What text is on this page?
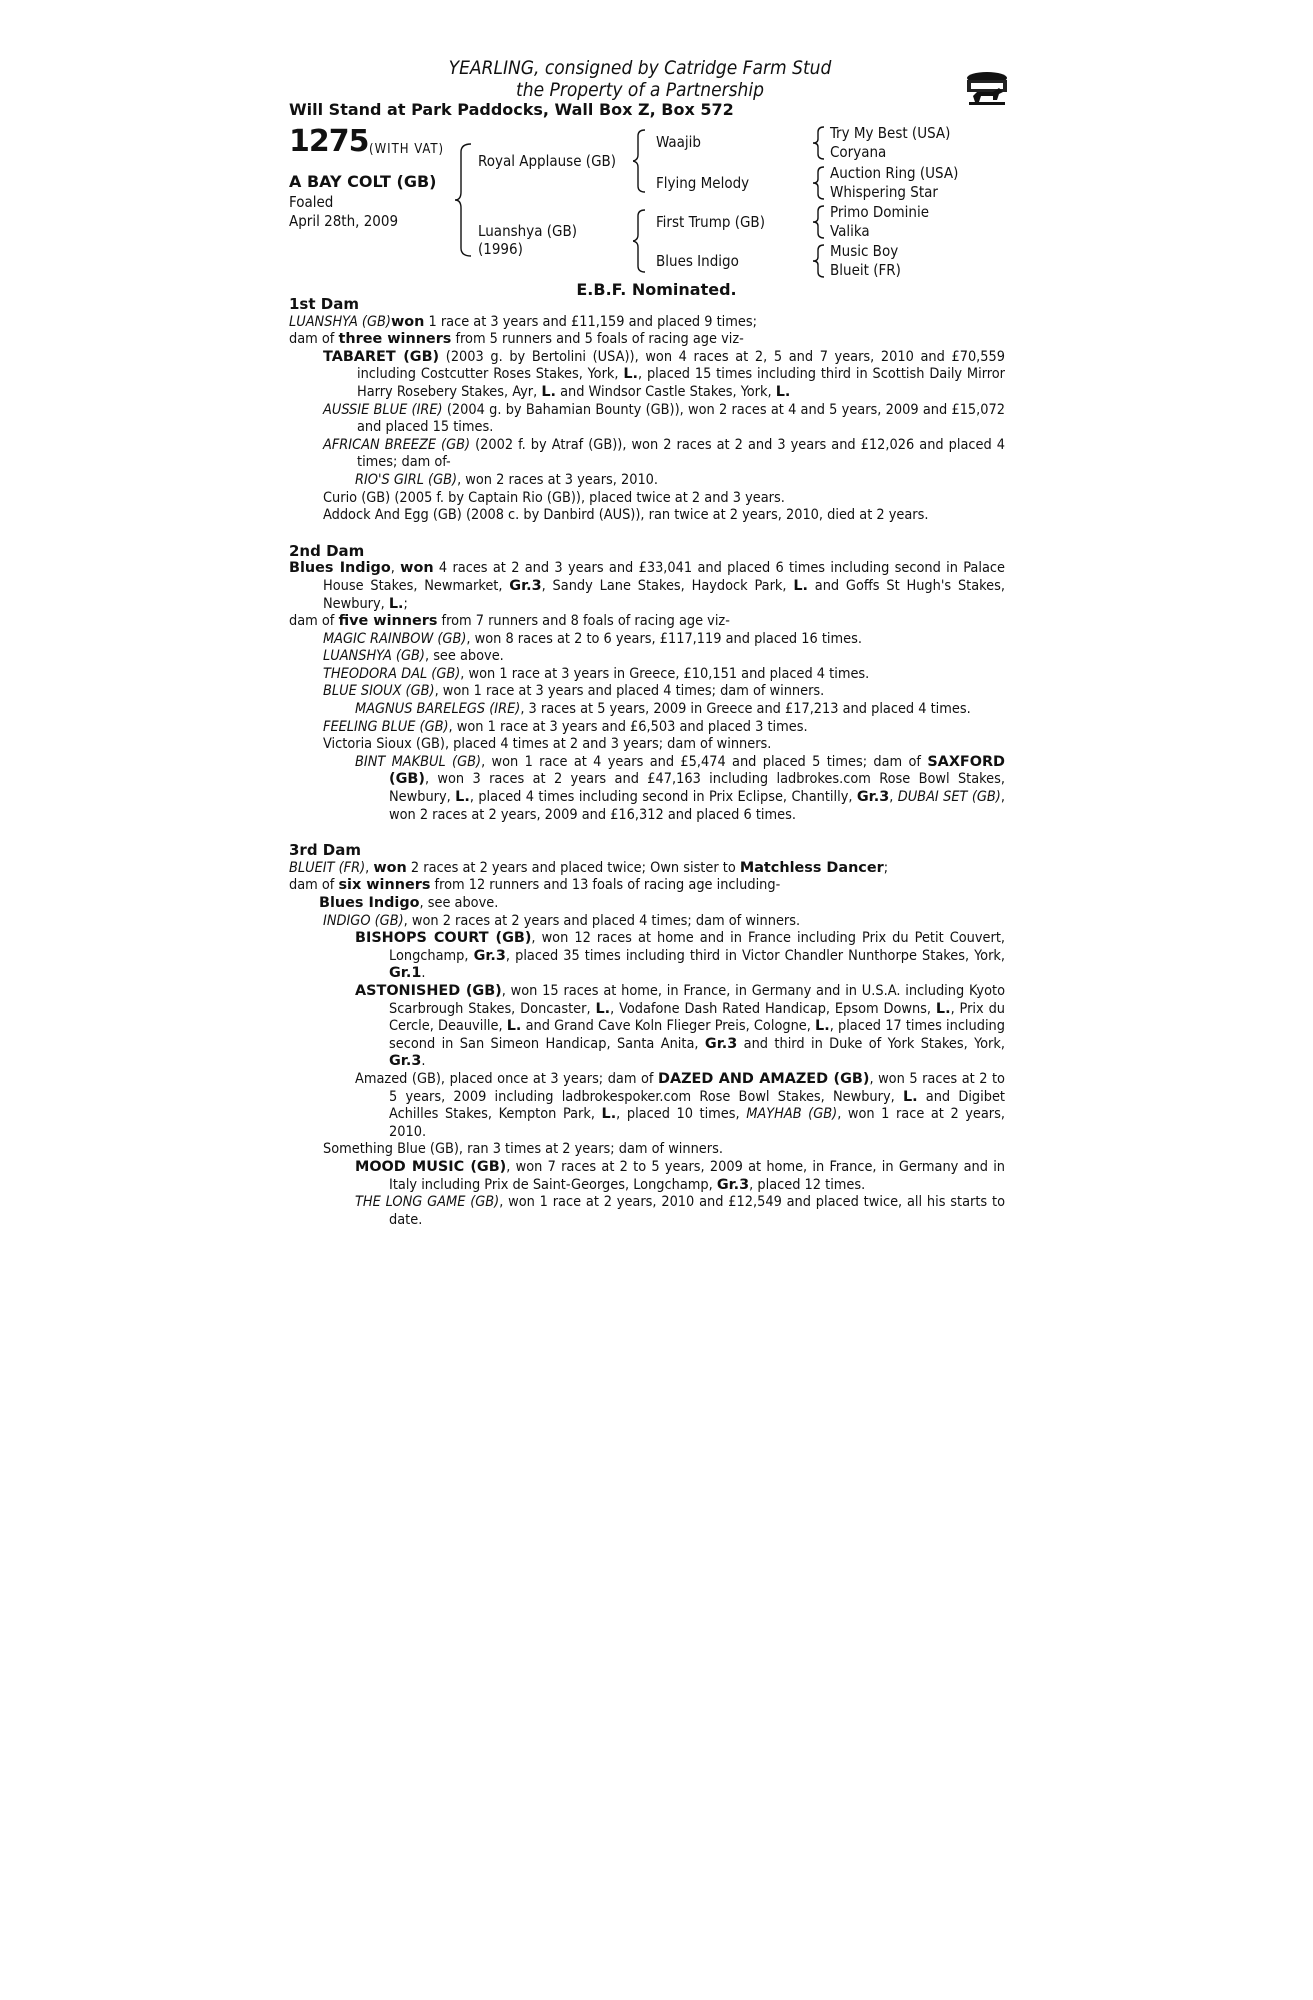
YEARLING, consigned by Catridge Farm Stud
the Property of a Partnership
Will Stand at Park Paddocks, Wall Box Z, Box 572
1275 (WITH VAT)
A BAY COLT (GB)
Foaled
April 28th, 2009
Royal Applause (GB)
Luanshya (GB)
(1996)
Waajib
Flying Melody
First Trump (GB)
Blues Indigo
Try My Best (USA)
Coryana
Auction Ring (USA)
Whispering Star
Primo Dominie
Valika
Music Boy
Blueit (FR)
E.B.F. Nominated.
1st Dam
LUANSHYA (GB)won 1 race at 3 years and £11,159 and placed 9 times;
dam of three winners from 5 runners and 5 foals of racing age viz-
TABARET (GB) (2003 g. by Bertolini (USA)), won 4 races at 2, 5 and 7 years, 2010 and £70,559 including Costcutter Roses Stakes, York, L., placed 15 times including third in Scottish Daily Mirror Harry Rosebery Stakes, Ayr, L. and Windsor Castle Stakes, York, L.
AUSSIE BLUE (IRE) (2004 g. by Bahamian Bounty (GB)), won 2 races at 4 and 5 years, 2009 and £15,072 and placed 15 times.
AFRICAN BREEZE (GB) (2002 f. by Atraf (GB)), won 2 races at 2 and 3 years and £12,026 and placed 4 times; dam of-
RIO'S GIRL (GB), won 2 races at 3 years, 2010.
Curio (GB) (2005 f. by Captain Rio (GB)), placed twice at 2 and 3 years.
Addock And Egg (GB) (2008 c. by Danbird (AUS)), ran twice at 2 years, 2010, died at 2 years.
2nd Dam
Blues Indigo, won 4 races at 2 and 3 years and £33,041 and placed 6 times including second in Palace House Stakes, Newmarket, Gr.3, Sandy Lane Stakes, Haydock Park, L. and Goffs St Hugh's Stakes, Newbury, L.;
dam of five winners from 7 runners and 8 foals of racing age viz-
MAGIC RAINBOW (GB), won 8 races at 2 to 6 years, £117,119 and placed 16 times.
LUANSHYA (GB), see above.
THEODORA DAL (GB), won 1 race at 3 years in Greece, £10,151 and placed 4 times.
BLUE SIOUX (GB), won 1 race at 3 years and placed 4 times; dam of winners.
MAGNUS BARELEGS (IRE), 3 races at 5 years, 2009 in Greece and £17,213 and placed 4 times.
FEELING BLUE (GB), won 1 race at 3 years and £6,503 and placed 3 times.
Victoria Sioux (GB), placed 4 times at 2 and 3 years; dam of winners.
BINT MAKBUL (GB), won 1 race at 4 years and £5,474 and placed 5 times; dam of SAXFORD (GB), won 3 races at 2 years and £47,163 including ladbrokes.com Rose Bowl Stakes, Newbury, L., placed 4 times including second in Prix Eclipse, Chantilly, Gr.3, DUBAI SET (GB), won 2 races at 2 years, 2009 and £16,312 and placed 6 times.
3rd Dam
BLUEIT (FR), won 2 races at 2 years and placed twice; Own sister to Matchless Dancer;
dam of six winners from 12 runners and 13 foals of racing age including-
Blues Indigo, see above.
INDIGO (GB), won 2 races at 2 years and placed 4 times; dam of winners.
BISHOPS COURT (GB), won 12 races at home and in France including Prix du Petit Couvert, Longchamp, Gr.3, placed 35 times including third in Victor Chandler Nunthorpe Stakes, York, Gr.1.
ASTONISHED (GB), won 15 races at home, in France, in Germany and in U.S.A. including Kyoto Scarbrough Stakes, Doncaster, L., Vodafone Dash Rated Handicap, Epsom Downs, L., Prix du Cercle, Deauville, L. and Grand Cave Koln Flieger Preis, Cologne, L., placed 17 times including second in San Simeon Handicap, Santa Anita, Gr.3 and third in Duke of York Stakes, York, Gr.3.
Amazed (GB), placed once at 3 years; dam of DAZED AND AMAZED (GB), won 5 races at 2 to 5 years, 2009 including ladbrokespoker.com Rose Bowl Stakes, Newbury, L. and Digibet Achilles Stakes, Kempton Park, L., placed 10 times, MAYHAB (GB), won 1 race at 2 years, 2010.
Something Blue (GB), ran 3 times at 2 years; dam of winners.
MOOD MUSIC (GB), won 7 races at 2 to 5 years, 2009 at home, in France, in Germany and in Italy including Prix de Saint-Georges, Longchamp, Gr.3, placed 12 times.
THE LONG GAME (GB), won 1 race at 2 years, 2010 and £12,549 and placed twice, all his starts to date.
